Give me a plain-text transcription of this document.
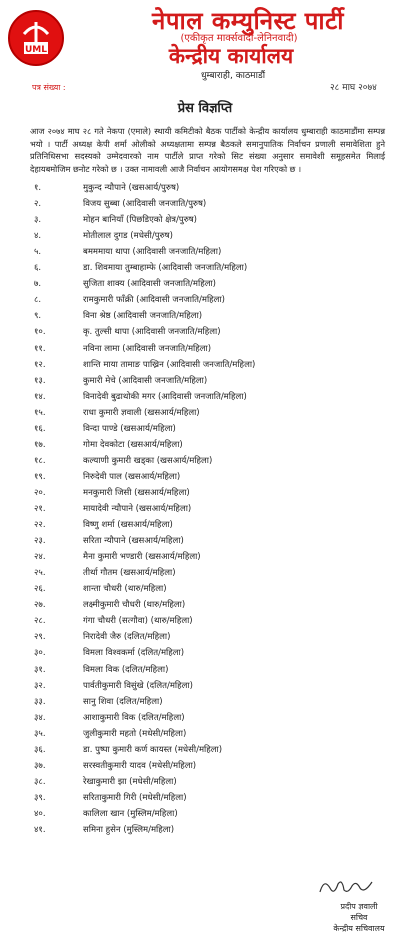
UML
नेपाल कम्युनिस्ट पार्टी
(एकीकृत मार्क्सवादी-लेनिनवादी)
केन्द्रीय कार्यालय
धुम्बाराही, काठमाडौं
पत्र संख्या :	२८ माघ २०७४
प्रेस विज्ञप्ति
आज २०७४ माघ २८ गते नेकपा (एमाले) स्थायी कमिटीको बैठक पार्टीको केन्द्रीय कार्यालय धुम्बाराही काठमाडौंमा सम्पन्न भयो । पार्टी अध्यक्ष केपी शर्मा ओलीको अध्यक्षतामा सम्पन्न बैठकले समानुपातिक निर्वाचन प्रणाली समावेशिता हुने प्रतिनिधिसभा सदस्यको उम्मेदवारको नाम पार्टीले प्राप्त गरेको सिट संख्या अनुसार समावेशी समूहसमेत मिलाई देहायबमोजिम छनोट गरेको छ । उक्त नामावली आजै निर्वाचन आयोगसमक्ष पेश गरिएको छ ।
१.	मुकुन्द न्यौपाने (खसआर्य/पुरुष)
२.	विजय सुब्बा (आदिवासी जनजाति/पुरुष)
३.	मोहन बानियाँ (पिछडिएको क्षेत्र/पुरुष)
४.	मोतीलाल दुगड (मधेसी/पुरुष)
५.	बमममाया थापा (आदिवासी जनजाति/महिला)
६.	डा. शिवमाया तुम्बाहाम्फे (आदिवासी जनजाति/महिला)
७.	सुजिता शाक्य (आदिवासी जनजाति/महिला)
८.	रामकुमारी फाँक्री (आदिवासी जनजाति/महिला)
९.	विना श्रेष्ठ (आदिवासी जनजाति/महिला)
१०.	कृ. तुल्सी थापा (आदिवासी जनजाति/महिला)
११.	नविना लामा (आदिवासी जनजाति/महिला)
१२.	शान्ति माया तामाङ पाख्रिन (आदिवासी जनजाति/महिला)
१३.	कुमारी मेचे (आदिवासी जनजाति/महिला)
१४.	विनादेवी बुढाथोकी मगर (आदिवासी जनजाति/महिला)
१५.	राधा कुमारी ज्ञवाली (खसआर्य/महिला)
१६.	विन्दा पाण्डे (खसआर्य/महिला)
१७.	गोमा देवकोटा (खसआर्य/महिला)
१८.	कल्याणी कुमारी खड्का (खसआर्य/महिला)
१९.	निरुदेवी पाल (खसआर्य/महिला)
२०.	मनकुमारी जिसी (खसआर्य/महिला)
२१.	मायादेवी न्यौपाने (खसआर्य/महिला)
२२.	विष्णु शर्मा (खसआर्य/महिला)
२३.	सरिता न्यौपाने (खसआर्य/महिला)
२४.	मैना कुमारी भण्डारी (खसआर्य/महिला)
२५.	तीर्था गौतम (खसआर्य/महिला)
२६.	शान्ता चौधरी (थारु/महिला)
२७.	लक्ष्मीकुमारी चौधरी (थारु/महिला)
२८.	गंगा चौधरी (सत्गौवा) (थारु/महिला)
२९.	निरादेवी जैरु (दलित/महिला)
३०.	विमला विश्वकर्मा (दलित/महिला)
३१.	विमला विक (दलित/महिला)
३२.	पार्वतीकुमारी विसुंखे (दलित/महिला)
३३.	सानु शिवा (दलित/महिला)
३४.	आशाकुमारी विक (दलित/महिला)
३५.	जुलीकुमारी महतो (मधेसी/महिला)
३६.	डा. पुष्पा कुमारी कर्ण कायस्त (मधेसी/महिला)
३७.	सरस्वतीकुमारी यादव (मधेसी/महिला)
३८.	रेखाकुमारी झा (मधेसी/महिला)
३९.	सरिताकुमारी गिरी (मधेसी/महिला)
४०.	कालिला खान (मुस्लिम/महिला)
४१.	समिना हुसेन (मुस्लिम/महिला)
प्रदीप ज्ञवाली
सचिव
केन्द्रीय सचिवालय
